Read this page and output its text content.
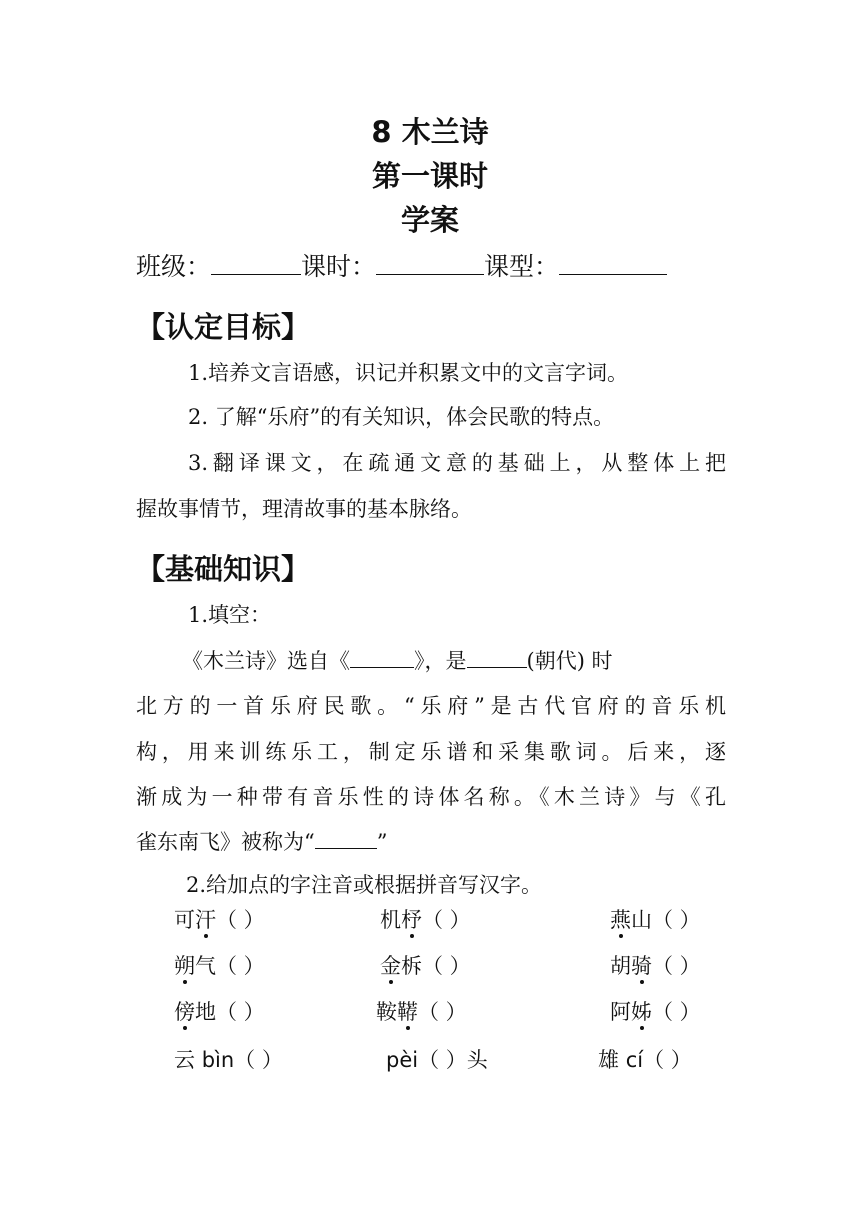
8 木兰诗
第一课时
学案
班级：	课时：	课型：
【认定目标】
1.培养文言语感，识记并积累文中的文言字词。
2. 了解“乐府”的有关知识，体会民歌的特点。
3.翻译课文，在疏通文意的基础上，从整体上把
握故事情节，理清故事的基本脉络。
【基础知识】
1.填空：
《木兰诗》选自《	》，是	(朝代) 时
北方的一首乐府民歌。“乐府”是古代官府的音乐机
构，用来训练乐工，制定乐谱和采集歌词。后来，逐
渐成为一种带有音乐性的诗体名称。《木兰诗》与《孔
雀东南飞》被称为“	”
2.给加点的字注音或根据拼音写汉字。
可汗（ ）	机杼（ ）	燕山（ ）
朔气（ ）	金柝（ ）	胡骑（ ）
傍地（ ）	鞍鞯（ ）	阿姊（ ）
云 bìn（ ）	pèi（ ）头	雄 cí（ ）
